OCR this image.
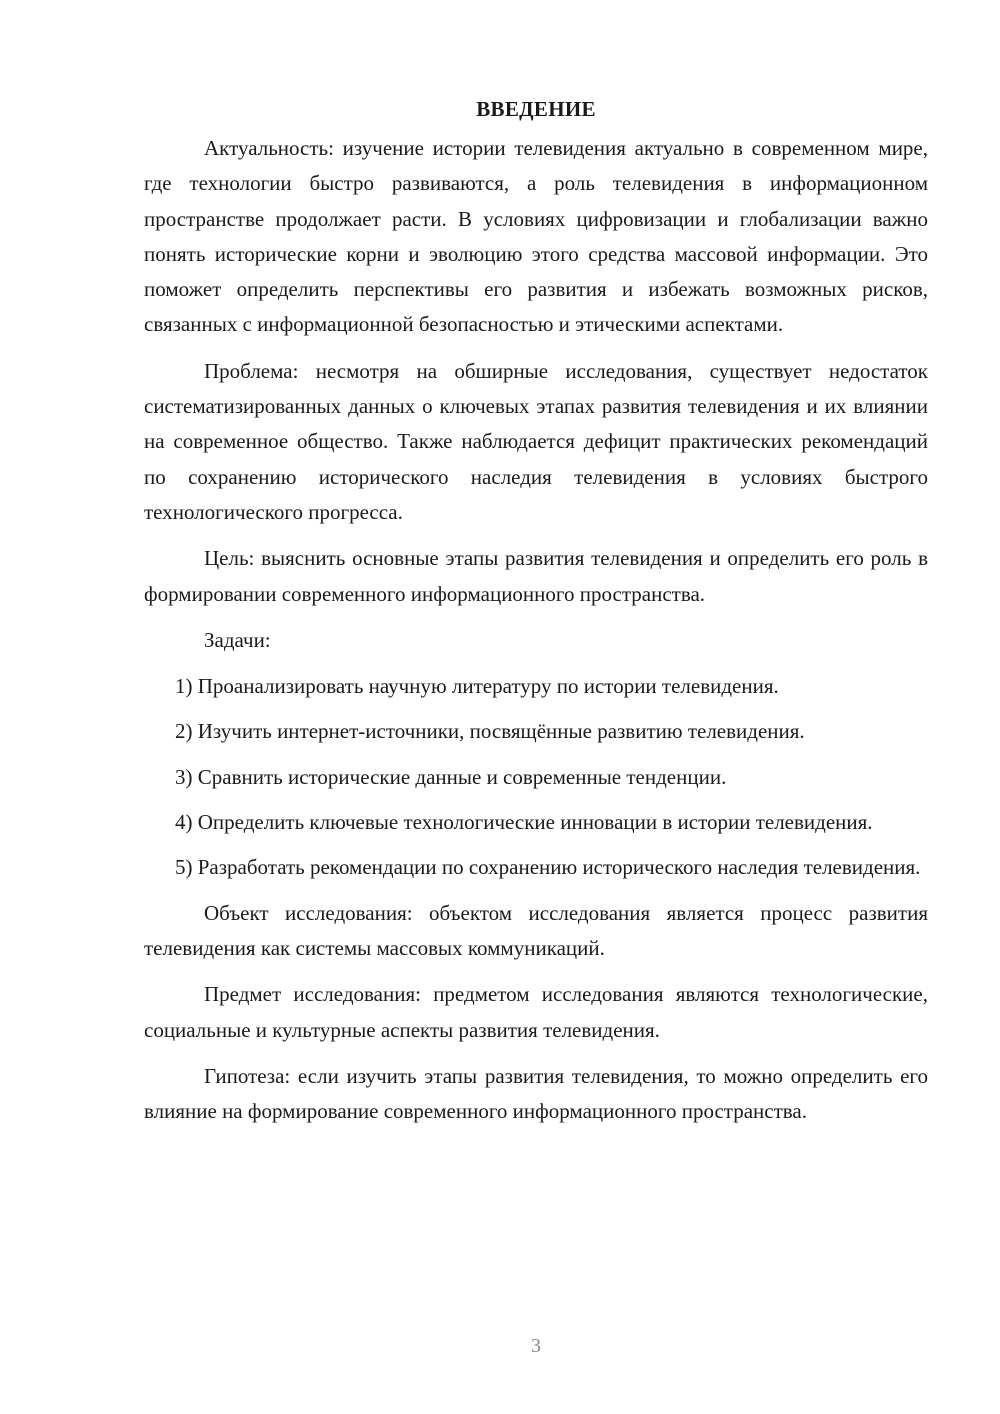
ВВЕДЕНИЕ

Актуальность: изучение истории телевидения актуально в современном мире, где технологии быстро развиваются, а роль телевидения в информационном пространстве продолжает расти. В условиях цифровизации и глобализации важно понять исторические корни и эволюцию этого средства массовой информации. Это поможет определить перспективы его развития и избежать возможных рисков, связанных с информационной безопасностью и этическими аспектами.

Проблема: несмотря на обширные исследования, существует недостаток систематизированных данных о ключевых этапах развития телевидения и их влиянии на современное общество. Также наблюдается дефицит практических рекомендаций по сохранению исторического наследия телевидения в условиях быстрого технологического прогресса.

Цель: выяснить основные этапы развития телевидения и определить его роль в формировании современного информационного пространства.

Задачи:

1) Проанализировать научную литературу по истории телевидения.

2) Изучить интернет-источники, посвящённые развитию телевидения.

3) Сравнить исторические данные и современные тенденции.

4) Определить ключевые технологические инновации в истории телевидения.

5) Разработать рекомендации по сохранению исторического наследия телевидения.

Объект исследования: объектом исследования является процесс развития телевидения как системы массовых коммуникаций.

Предмет исследования: предметом исследования являются технологические, социальные и культурные аспекты развития телевидения.

Гипотеза: если изучить этапы развития телевидения, то можно определить его влияние на формирование современного информационного пространства.

3
